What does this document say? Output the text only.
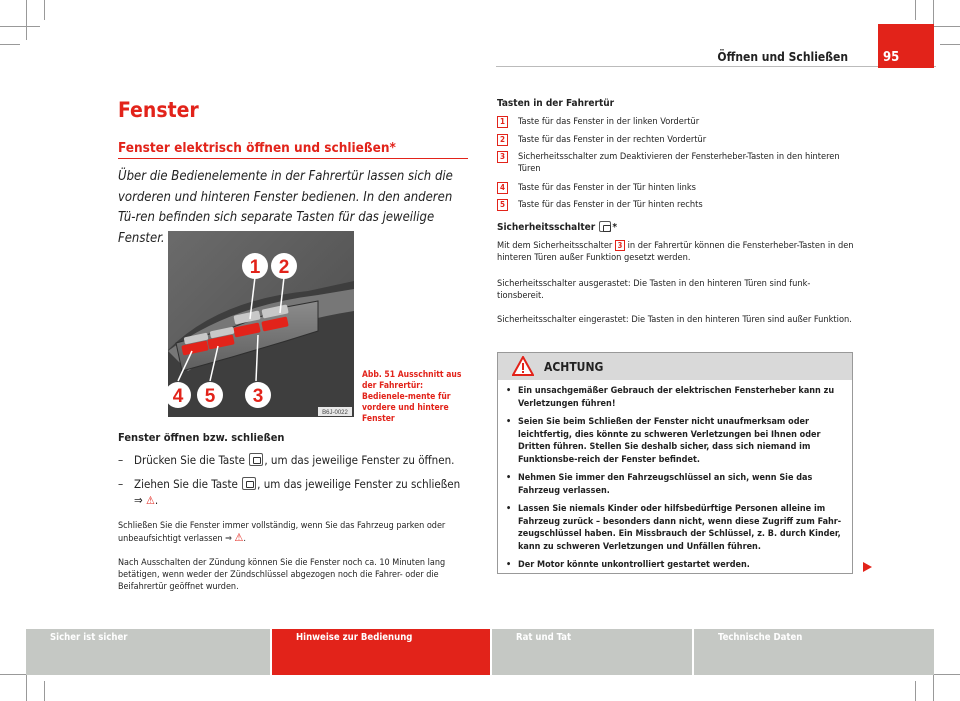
Öffnen und Schließen	95
Fenster
Fenster elektrisch öffnen und schließen*
Über die Bedienelemente in der Fahrertür lassen sich die vorderen und hinteren Fenster bedienen. In den anderen Tü-ren befinden sich separate Tasten für das jeweilige Fenster.
1 2
3
4 5
B6J-0022
Abb. 51 Ausschnitt aus der Fahrertür: Bedienele-mente für vordere und hintere Fenster
Fenster öffnen bzw. schließen
– Drücken Sie die Taste , um das jeweilige Fenster zu öffnen.
– Ziehen Sie die Taste , um das jeweilige Fenster zu schließen
⇒ ⚠.
Schließen Sie die Fenster immer vollständig, wenn Sie das Fahrzeug parken oder unbeaufsichtigt verlassen ⇒ ⚠.
Nach Ausschalten der Zündung können Sie die Fenster noch ca. 10 Minuten lang betätigen, wenn weder der Zündschlüssel abgezogen noch die Fahrer- oder die Beifahrertür geöffnet wurden.
Tasten in der Fahrertür
1	Taste für das Fenster in der linken Vordertür
2	Taste für das Fenster in der rechten Vordertür
3	Sicherheitsschalter zum Deaktivieren der Fensterheber-Tasten in den hinteren Türen
4	Taste für das Fenster in der Tür hinten links
5	Taste für das Fenster in der Tür hinten rechts
Sicherheitsschalter *
Mit dem Sicherheitsschalter 3 in der Fahrertür können die Fensterheber-Tasten in den hinteren Türen außer Funktion gesetzt werden.
Sicherheitsschalter ausgerastet: Die Tasten in den hinteren Türen sind funk-tionsbereit.
Sicherheitsschalter eingerastet: Die Tasten in den hinteren Türen sind außer Funktion.
ACHTUNG
• Ein unsachgemäßer Gebrauch der elektrischen Fensterheber kann zu Verletzungen führen!
• Seien Sie beim Schließen der Fenster nicht unaufmerksam oder leichtfertig, dies könnte zu schweren Verletzungen bei Ihnen oder Dritten führen. Stellen Sie deshalb sicher, dass sich niemand im Funktionsbe-reich der Fenster befindet.
• Nehmen Sie immer den Fahrzeugschlüssel an sich, wenn Sie das Fahrzeug verlassen.
• Lassen Sie niemals Kinder oder hilfsbedürftige Personen alleine im Fahrzeug zurück – besonders dann nicht, wenn diese Zugriff zum Fahr-zeugschlüssel haben. Ein Missbrauch der Schlüssel, z. B. durch Kinder, kann zu schweren Verletzungen und Unfällen führen.
• Der Motor könnte unkontrolliert gestartet werden.
Sicher ist sicher	Hinweise zur Bedienung	Rat und Tat	Technische Daten
